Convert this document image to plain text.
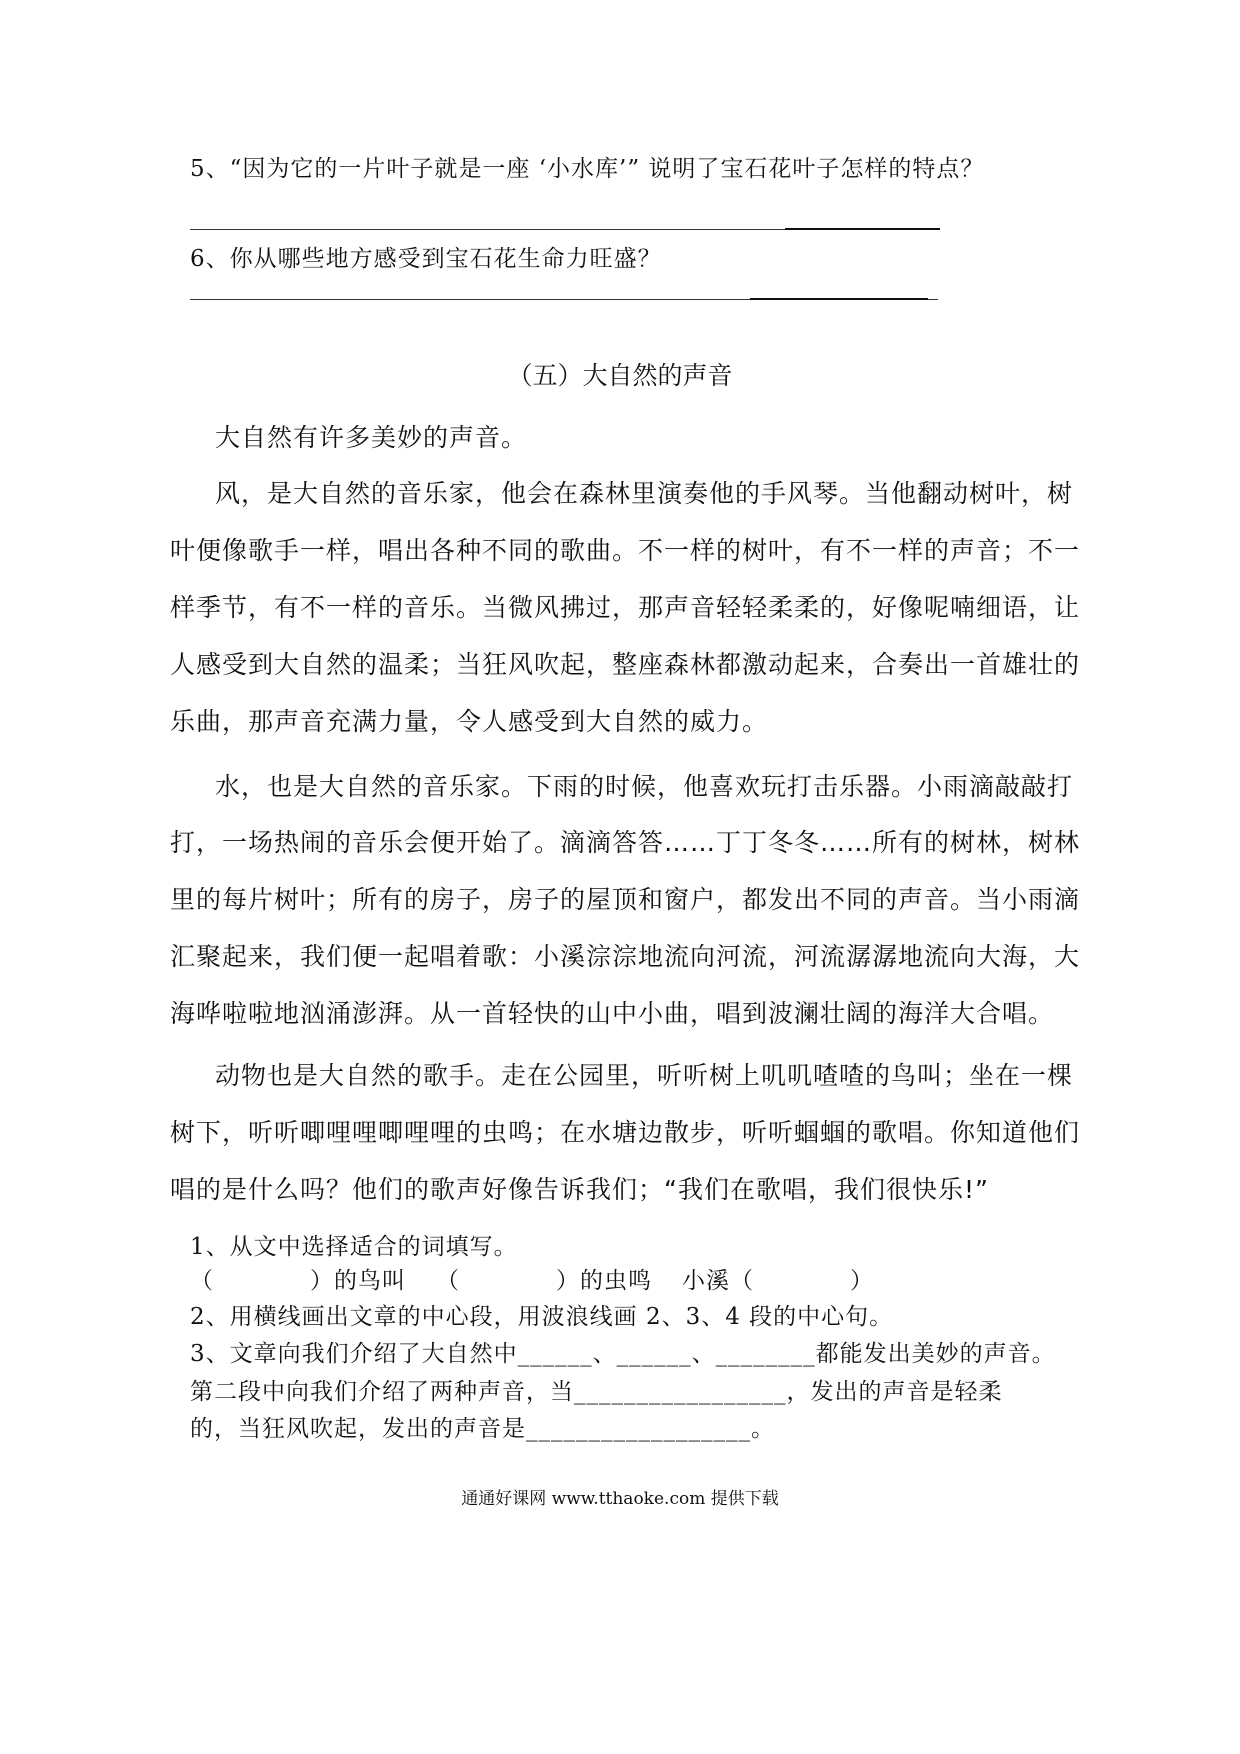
5、“因为它的一片叶子就是一座 ‘小水库’” 说明了宝石花叶子怎样的特点？
6、你从哪些地方感受到宝石花生命力旺盛？
（五）大自然的声音
大自然有许多美妙的声音。
风，是大自然的音乐家，他会在森林里演奏他的手风琴。当他翻动树叶，树
叶便像歌手一样，唱出各种不同的歌曲。不一样的树叶，有不一样的声音；不一
样季节，有不一样的音乐。当微风拂过，那声音轻轻柔柔的，好像呢喃细语，让
人感受到大自然的温柔；当狂风吹起，整座森林都激动起来，合奏出一首雄壮的
乐曲，那声音充满力量，令人感受到大自然的威力。
水，也是大自然的音乐家。下雨的时候，他喜欢玩打击乐器。小雨滴敲敲打
打，一场热闹的音乐会便开始了。滴滴答答……丁丁冬冬……所有的树林，树林
里的每片树叶；所有的房子，房子的屋顶和窗户，都发出不同的声音。当小雨滴
汇聚起来，我们便一起唱着歌：小溪淙淙地流向河流，河流潺潺地流向大海，大
海哗啦啦地汹涌澎湃。从一首轻快的山中小曲，唱到波澜壮阔的海洋大合唱。
动物也是大自然的歌手。走在公园里，听听树上叽叽喳喳的鸟叫；坐在一棵
树下，听听唧哩哩唧哩哩的虫鸣；在水塘边散步，听听蝈蝈的歌唱。你知道他们
唱的是什么吗？他们的歌声好像告诉我们；“我们在歌唱，我们很快乐!”
1、从文中选择适合的词填写。
（　　　　）的鸟叫 （　　　　）的虫鸣 小溪（　　　　）
2、用横线画出文章的中心段，用波浪线画 2、3、4 段的中心句。
3、文章向我们介绍了大自然中______、______、________都能发出美妙的声音。
第二段中向我们介绍了两种声音，当_________________，发出的声音是轻柔
的，当狂风吹起，发出的声音是__________________。
通通好课网 www.tthaoke.com 提供下载
